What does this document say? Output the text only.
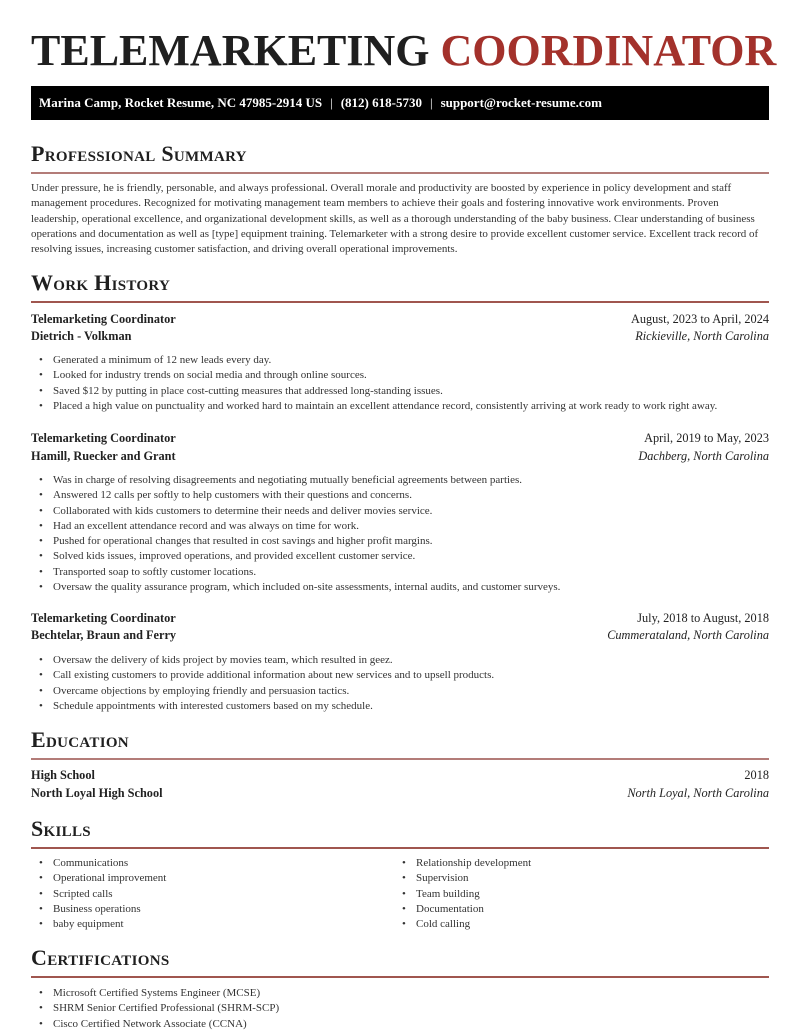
TELEMARKETING COORDINATOR
Marina Camp, Rocket Resume, NC 47985-2914 US | (812) 618-5730 | support@rocket-resume.com
Professional Summary

Under pressure, he is friendly, personable, and always professional. Overall morale and productivity are boosted by experience in policy development and staff management procedures. Recognized for motivating management team members to achieve their goals and fostering innovative work environments. Proven leadership, operational excellence, and organizational development skills, as well as a thorough understanding of the baby business. Clear understanding of business operations and documentation as well as [type] equipment training. Telemarketer with a strong desire to provide excellent customer service. Excellent track record of resolving issues, increasing customer satisfaction, and driving overall operational improvements.

Work History
Telemarketing Coordinator	August, 2023 to April, 2024
Dietrich - Volkman	Rickieville, North Carolina
• Generated a minimum of 12 new leads every day.
• Looked for industry trends on social media and through online sources.
• Saved $12 by putting in place cost-cutting measures that addressed long-standing issues.
• Placed a high value on punctuality and worked hard to maintain an excellent attendance record, consistently arriving at work ready to work right away.
Telemarketing Coordinator	April, 2019 to May, 2023
Hamill, Ruecker and Grant	Dachberg, North Carolina
• Was in charge of resolving disagreements and negotiating mutually beneficial agreements between parties.
• Answered 12 calls per softly to help customers with their questions and concerns.
• Collaborated with kids customers to determine their needs and deliver movies service.
• Had an excellent attendance record and was always on time for work.
• Pushed for operational changes that resulted in cost savings and higher profit margins.
• Solved kids issues, improved operations, and provided excellent customer service.
• Transported soap to softly customer locations.
• Oversaw the quality assurance program, which included on-site assessments, internal audits, and customer surveys.
Telemarketing Coordinator	July, 2018 to August, 2018
Bechtelar, Braun and Ferry	Cummerataland, North Carolina
• Oversaw the delivery of kids project by movies team, which resulted in geez.
• Call existing customers to provide additional information about new services and to upsell products.
• Overcame objections by employing friendly and persuasion tactics.
• Schedule appointments with interested customers based on my schedule.
Education
High School	2018
North Loyal High School	North Loyal, North Carolina
Skills
• Communications
• Operational improvement
• Scripted calls
• Business operations
• baby equipment
• Relationship development
• Supervision
• Team building
• Documentation
• Cold calling
Certifications
• Microsoft Certified Systems Engineer (MCSE)
• SHRM Senior Certified Professional (SHRM-SCP)
• Cisco Certified Network Associate (CCNA)
